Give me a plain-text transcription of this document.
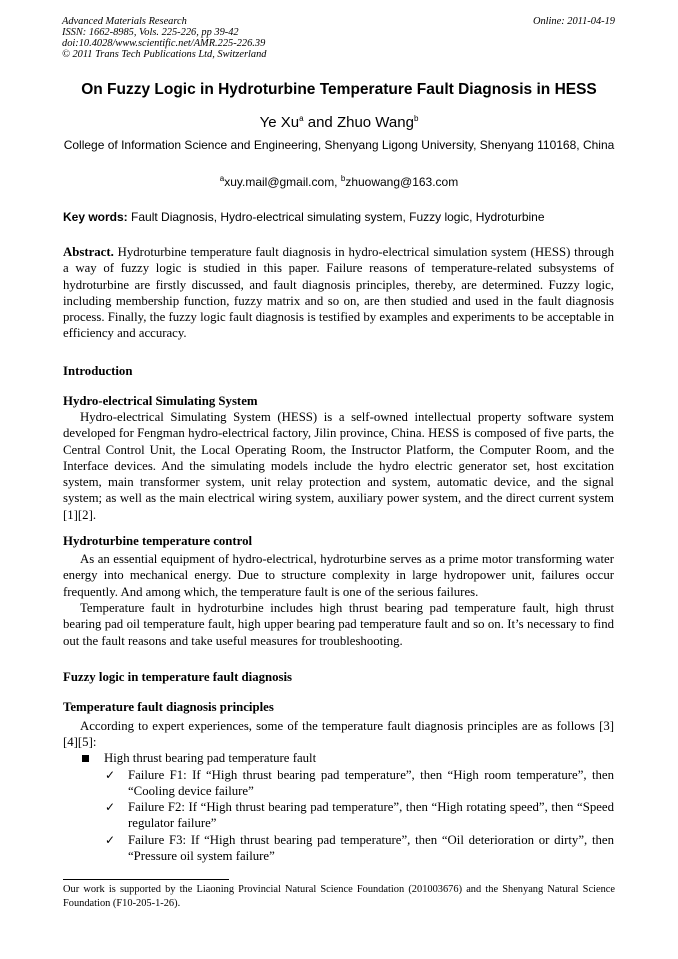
Advanced Materials Research
ISSN: 1662-8985, Vols. 225-226, pp 39-42
doi:10.4028/www.scientific.net/AMR.225-226.39
© 2011 Trans Tech Publications Ltd, Switzerland
Online: 2011-04-19
On Fuzzy Logic in Hydroturbine Temperature Fault Diagnosis in HESS
Ye Xu$^a$ and Zhuo Wang$^b$
College of Information Science and Engineering, Shenyang Ligong University, Shenyang 110168, China
$^a$xuy.mail@gmail.com, $^b$zhuowang@163.com
Key words: Fault Diagnosis, Hydro-electrical simulating system, Fuzzy logic, Hydroturbine
Abstract. Hydroturbine temperature fault diagnosis in hydro-electrical simulation system (HESS) through a way of fuzzy logic is studied in this paper. Failure reasons of temperature-related subsystems of hydroturbine are firstly discussed, and fault diagnosis principles, thereby, are determined. Fuzzy logic, including membership function, fuzzy matrix and so on, are then studied and used in the fault diagnosis process. Finally, the fuzzy logic fault diagnosis is testified by examples and experiments to be acceptable in efficiency and accuracy.
Introduction
Hydro-electrical Simulating System
Hydro-electrical Simulating System (HESS) is a self-owned intellectual property software system developed for Fengman hydro-electrical factory, Jilin province, China. HESS is composed of five parts, the Central Control Unit, the Local Operating Room, the Instructor Platform, the Computer Room, and the Interface devices. And the simulating models include the hydro electric generator set, host excitation system, main transformer system, unit relay protection and system, automatic device, and the signal system; as well as the main electrical wiring system, auxiliary power system, and the direct current system [1][2].
Hydroturbine temperature control
As an essential equipment of hydro-electrical, hydroturbine serves as a prime motor transforming water energy into mechanical energy. Due to structure complexity in large hydropower unit, failures occur frequently. And among which, the temperature fault is one of the serious failures.
Temperature fault in hydroturbine includes high thrust bearing pad temperature fault, high thrust bearing pad oil temperature fault, high upper bearing pad temperature fault and so on. It’s necessary to find out the fault reasons and take useful measures for troubleshooting.
Fuzzy logic in temperature fault diagnosis
Temperature fault diagnosis principles
According to expert experiences, some of the temperature fault diagnosis principles are as follows [3][4][5]:
High thrust bearing pad temperature fault
✓ Failure F1: If “High thrust bearing pad temperature”, then “High room temperature”, then “Cooling device failure”
✓ Failure F2: If “High thrust bearing pad temperature”, then “High rotating speed”, then “Speed regulator failure”
✓ Failure F3: If “High thrust bearing pad temperature”, then “Oil deterioration or dirty”, then “Pressure oil system failure”
Our work is supported by the Liaoning Provincial Natural Science Foundation (201003676) and the Shenyang Natural Science Foundation (F10-205-1-26).
